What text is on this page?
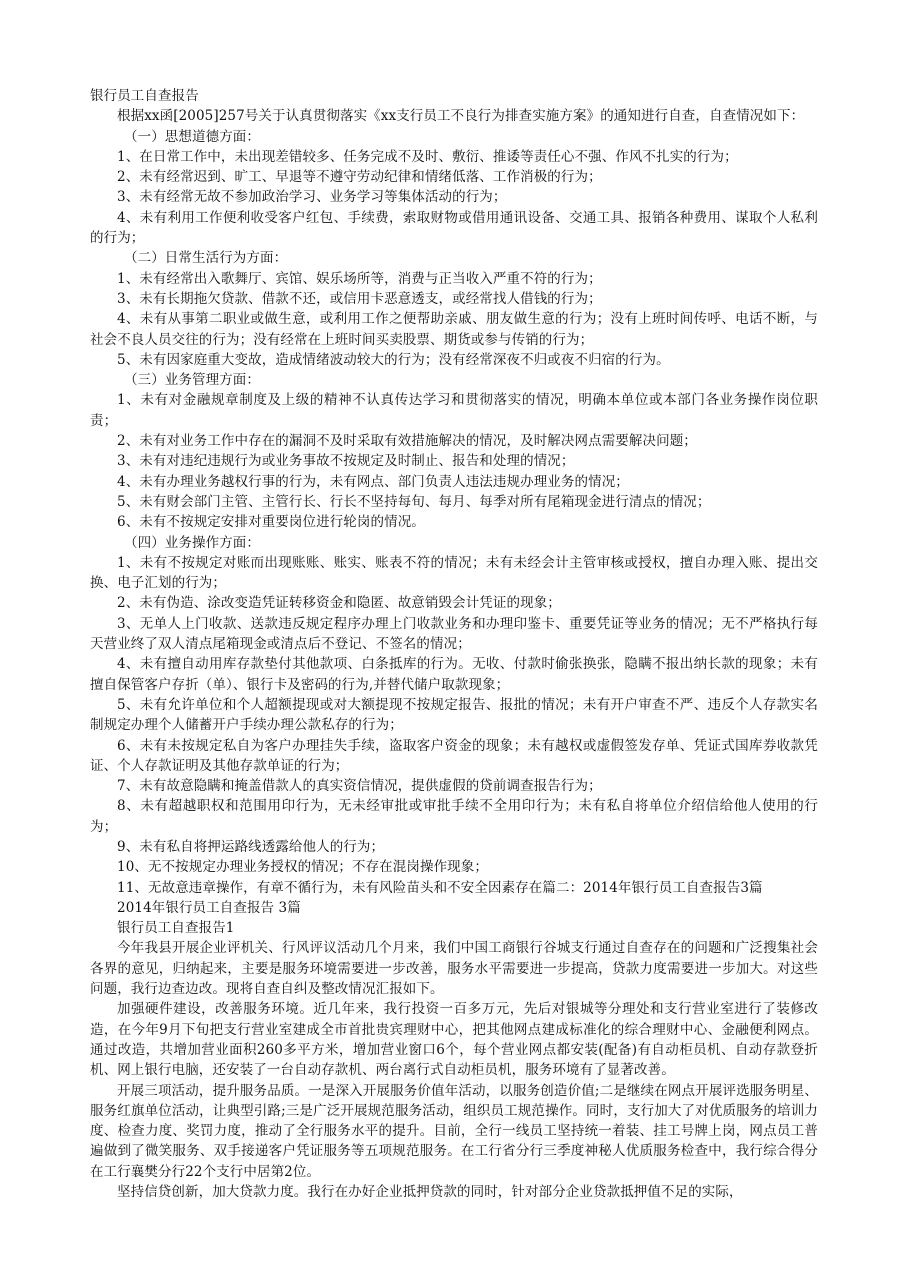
银行员工自查报告
根据xx函[2005]257号关于认真贯彻落实《xx支行员工不良行为排查实施方案》的通知进行自查，自查情况如下：
（一）思想道德方面：
1、在日常工作中，未出现差错较多、任务完成不及时、敷衍、推诿等责任心不强、作风不扎实的行为；
2、未有经常迟到、旷工、早退等不遵守劳动纪律和情绪低落、工作消极的行为；
3、未有经常无故不参加政治学习、业务学习等集体活动的行为；
4、未有利用工作便利收受客户红包、手续费，索取财物或借用通讯设备、交通工具、报销各种费用、谋取个人私利的行为；
（二）日常生活行为方面：
1、未有经常出入歌舞厅、宾馆、娱乐场所等，消费与正当收入严重不符的行为；
3、未有长期拖欠贷款、借款不还，或信用卡恶意透支，或经常找人借钱的行为；
4、未有从事第二职业或做生意，或利用工作之便帮助亲戚、朋友做生意的行为；没有上班时间传呼、电话不断，与社会不良人员交往的行为；没有经常在上班时间买卖股票、期货或参与传销的行为；
5、未有因家庭重大变故，造成情绪波动较大的行为；没有经常深夜不归或夜不归宿的行为。
（三）业务管理方面：
1、未有对金融规章制度及上级的精神不认真传达学习和贯彻落实的情况，明确本单位或本部门各业务操作岗位职责；
2、未有对业务工作中存在的漏洞不及时采取有效措施解决的情况，及时解决网点需要解决问题；
3、未有对违纪违规行为或业务事故不按规定及时制止、报告和处理的情况；
4、未有办理业务越权行事的行为，未有网点、部门负责人违法违规办理业务的情况；
5、未有财会部门主管、主管行长、行长不坚持每旬、每月、每季对所有尾箱现金进行清点的情况；
6、未有不按规定安排对重要岗位进行轮岗的情况。
（四）业务操作方面：
1、未有不按规定对账而出现账账、账实、账表不符的情况；未有未经会计主管审核或授权，擅自办理入账、提出交换、电子汇划的行为；
2、未有伪造、涂改变造凭证转移资金和隐匿、故意销毁会计凭证的现象；
3、无单人上门收款、送款违反规定程序办理上门收款业务和办理印鉴卡、重要凭证等业务的情况；无不严格执行每天营业终了双人清点尾箱现金或清点后不登记、不签名的情况；
4、未有擅自动用库存款垫付其他款项、白条抵库的行为。无收、付款时偷张换张，隐瞒不报出纳长款的现象；未有擅自保管客户存折（单）、银行卡及密码的行为,并替代储户取款现象；
5、未有允许单位和个人超额提现或对大额提现不按规定报告、报批的情况；未有开户审查不严、违反个人存款实名制规定办理个人储蓄开户手续办理公款私存的行为；
6、未有未按规定私自为客户办理挂失手续，盗取客户资金的现象；未有越权或虚假签发存单、凭证式国库券收款凭证、个人存款证明及其他存款单证的行为；
7、未有故意隐瞒和掩盖借款人的真实资信情况，提供虚假的贷前调查报告行为；
8、未有超越职权和范围用印行为，无未经审批或审批手续不全用印行为；未有私自将单位介绍信给他人使用的行为；
9、未有私自将押运路线透露给他人的行为；
10、无不按规定办理业务授权的情况；不存在混岗操作现象；
11、无故意违章操作，有章不循行为，未有风险苗头和不安全因素存在篇二：2014年银行员工自查报告3篇
2014年银行员工自查报告 3篇
银行员工自查报告1
今年我县开展企业评机关、行风评议活动几个月来，我们中国工商银行谷城支行通过自查存在的问题和广泛搜集社会各界的意见，归纳起来，主要是服务环境需要进一步改善，服务水平需要进一步提高，贷款力度需要进一步加大。对这些问题，我行边查边改。现将自查自纠及整改情况汇报如下。
加强硬件建设，改善服务环境。近几年来，我行投资一百多万元，先后对银城等分理处和支行营业室进行了装修改造，在今年9月下旬把支行营业室建成全市首批贵宾理财中心，把其他网点建成标准化的综合理财中心、金融便利网点。通过改造，共增加营业面积260多平方米，增加营业窗口6个，每个营业网点都安装(配备)有自动柜员机、自动存款登折机、网上银行电脑，还安装了一台自动存款机、两台离行式自动柜员机，服务环境有了显著改善。
开展三项活动，提升服务品质。一是深入开展服务价值年活动，以服务创造价值;二是继续在网点开展评选服务明星、服务红旗单位活动，让典型引路;三是广泛开展规范服务活动，组织员工规范操作。同时，支行加大了对优质服务的培训力度、检查力度、奖罚力度，推动了全行服务水平的提升。目前，全行一线员工坚持统一着装、挂工号牌上岗，网点员工普遍做到了微笑服务、双手接递客户凭证服务等五项规范服务。在工行省分行三季度神秘人优质服务检查中，我行综合得分在工行襄樊分行22个支行中居第2位。
坚持信贷创新，加大贷款力度。我行在办好企业抵押贷款的同时，针对部分企业贷款抵押值不足的实际，
